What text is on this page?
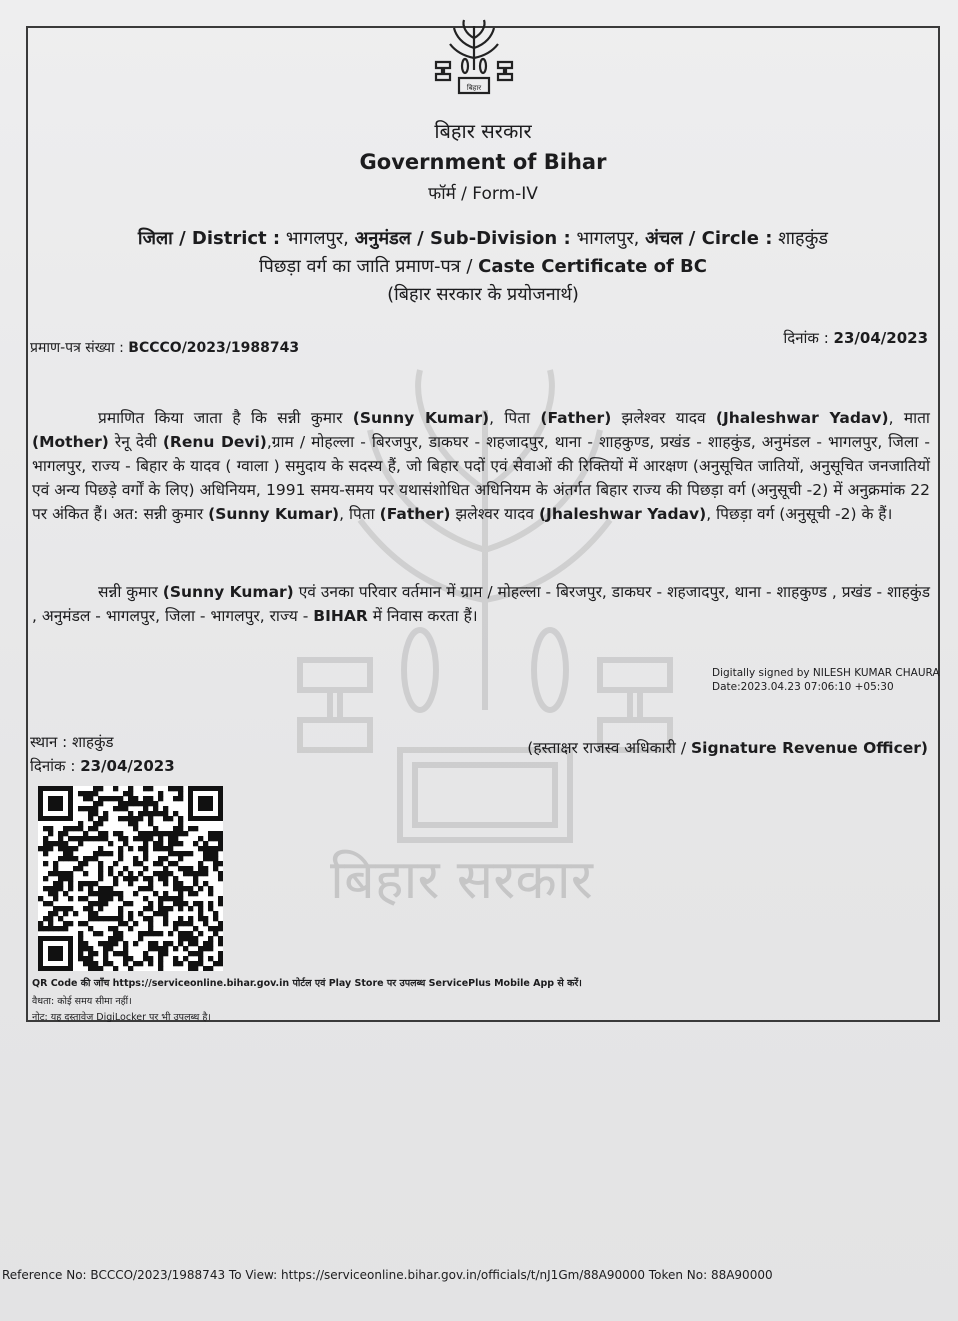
बिहार सरकार
बिहार
बिहार सरकार
Government of Bihar
फॉर्म / Form-IV
जिला / District : भागलपुर, अनुमंडल / Sub-Division : भागलपुर, अंचल / Circle : शाहकुंड
पिछड़ा वर्ग का जाति प्रमाण-पत्र / Caste Certificate of BC
(बिहार सरकार के प्रयोजनार्थ)
प्रमाण-पत्र संख्या : BCCCO/2023/1988743
दिनांक : 23/04/2023
प्रमाणित किया जाता है कि सन्नी कुमार (Sunny Kumar), पिता (Father) झलेश्वर यादव (Jhaleshwar Yadav), माता (Mother) रेनू देवी (Renu Devi),ग्राम / मोहल्ला - बिरजपुर, डाकघर - शहजादपुर, थाना - शाहकुण्ड, प्रखंड - शाहकुंड, अनुमंडल - भागलपुर, जिला - भागलपुर, राज्य - बिहार के यादव ( ग्वाला ) समुदाय के सदस्य हैं, जो बिहार पदों एवं सेवाओं की रिक्तियों में आरक्षण (अनुसूचित जातियों, अनुसूचित जनजातियों एवं अन्य पिछड़े वर्गों के लिए) अधिनियम, 1991 समय-समय पर यथासंशोधित अधिनियम के अंतर्गत बिहार राज्य की पिछड़ा वर्ग (अनुसूची -2) में अनुक्रमांक 22 पर अंकित हैं। अत: सन्नी कुमार (Sunny Kumar), पिता (Father) झलेश्वर यादव (Jhaleshwar Yadav), पिछड़ा वर्ग (अनुसूची -2) के हैं।
सन्नी कुमार (Sunny Kumar) एवं उनका परिवार वर्तमान में ग्राम / मोहल्ला - बिरजपुर, डाकघर - शहजादपुर, थाना - शाहकुण्ड , प्रखंड - शाहकुंड , अनुमंडल - भागलपुर, जिला - भागलपुर, राज्य - BIHAR में निवास करता हैं।
Digitally signed by NILESH KUMAR CHAURA
Date:2023.04.23 07:06:10 +05:30
(हस्ताक्षर राजस्व अधिकारी / Signature Revenue Officer)
स्थान : शाहकुंड
दिनांक : 23/04/2023
QR Code की जाँच https://serviceonline.bihar.gov.in पोर्टल एवं Play Store पर उपलब्ध ServicePlus Mobile App से करें।
वैधता: कोई समय सीमा नहीं।
नोट: यह दस्तावेज DigiLocker पर भी उपलब्ध है।
Reference No: BCCCO/2023/1988743 To View: https://serviceonline.bihar.gov.in/officials/t/nJ1Gm/88A90000 Token No: 88A90000
